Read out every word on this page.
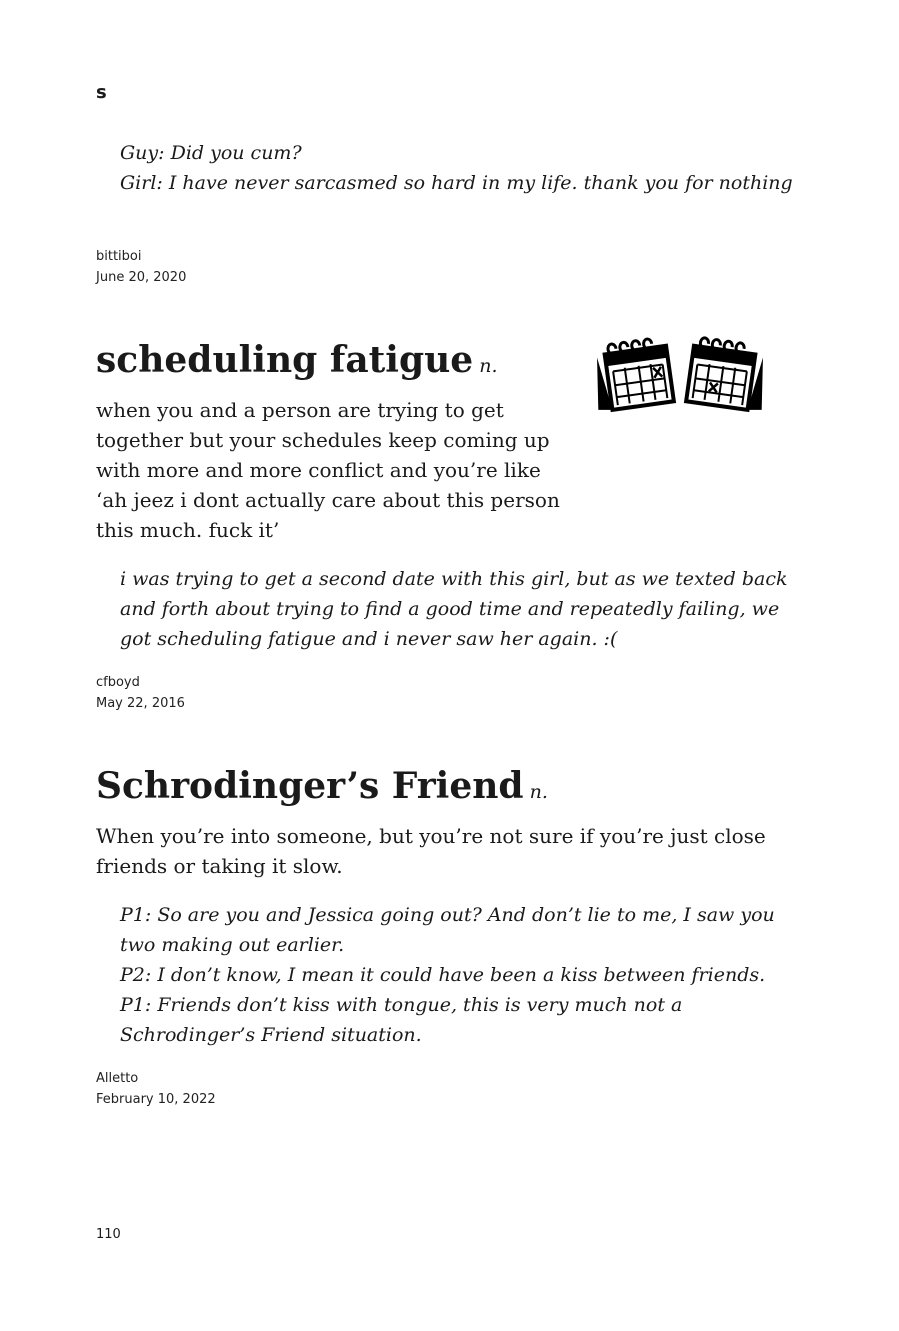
s

Guy: Did you cum?

Girl: I have never sarcasmed so hard in my life. thank you for nothing

bittiboi
June 20, 2020
scheduling fatigue n.
when you and a person are trying to get together but your schedules keep coming up with more and more conflict and you’re like ‘ah jeez i dont actually care about this person this much. fuck it’

i was trying to get a second date with this girl, but as we texted back and forth about trying to find a good time and repeatedly failing, we got scheduling fatigue and i never saw her again. :(

cfboyd
May 22, 2016
Schrodinger’s Friend n.
When you’re into someone, but you’re not sure if you’re just close friends or taking it slow.

P1: So are you and Jessica going out? And don’t lie to me, I saw you two making out earlier.

P2: I don’t know, I mean it could have been a kiss between friends.

P1: Friends don’t kiss with tongue, this is very much not a Schrodinger’s Friend situation.

Alletto
February 10, 2022
110
